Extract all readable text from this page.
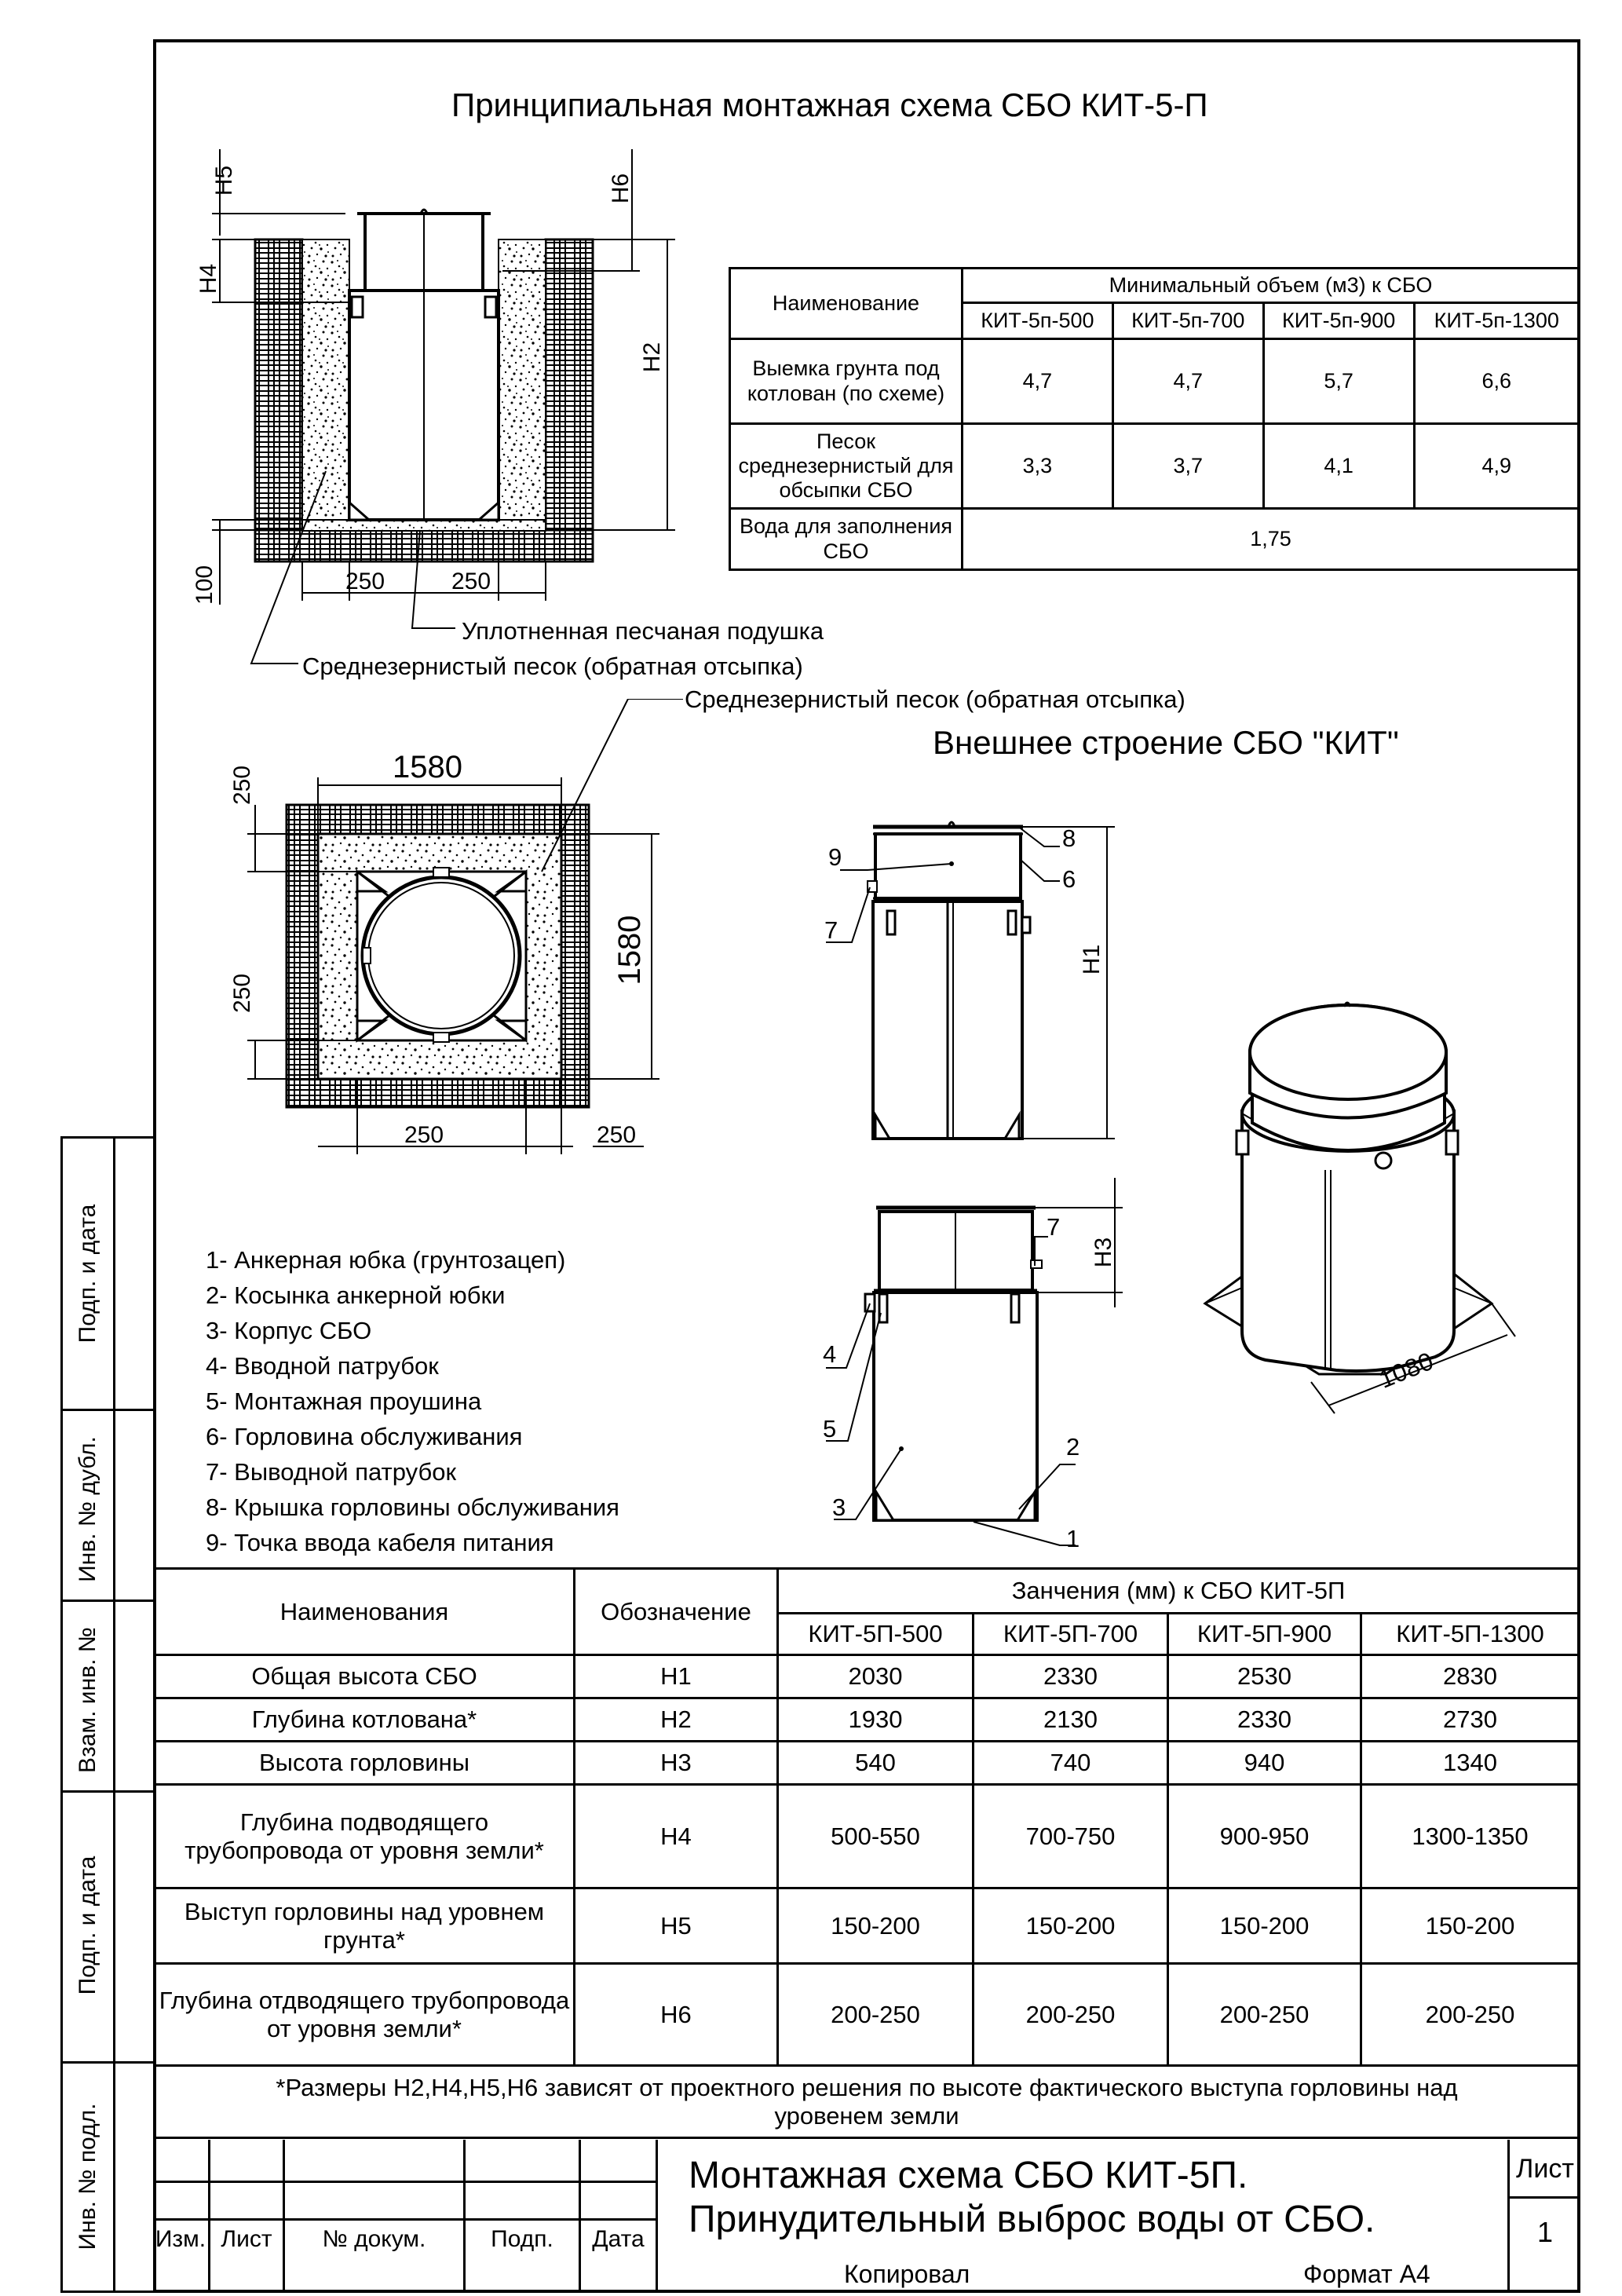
Подп. и дата
Инв. № дубл.
Взам. инв. №
Подп. и дата
Инв. № подл.
Принципиальная монтажная схема СБО КИТ-5-П
H5
H4
100
H6
H2
250	250
Уплотненная песчаная подушка
Среднезернистый песок (обратная отсыпка)
Наименование	Минимальный объем (м3) к СБО			
	КИТ-5п-500	КИТ-5п-700	КИТ-5п-900	КИТ-5п-1300
Выемка грунта под котлован (по схеме)	4,7	4,7	5,7	6,6
Песок среднезернистый для обсыпки СБО	3,3	3,7	4,1	4,9
Вода для заполнения СБО	1,75			
Среднезернистый песок (обратная отсыпка)
Внешнее строение СБО "КИТ"
1580
1580
250
250
250	250
H1
9
8
6
7
H3
7
4
5
3
2
1
1080
1- Анкерная юбка (грунтозацеп)
2- Косынка анкерной юбки
3- Корпус СБО
4- Вводной патрубок
5- Монтажная проушина
6- Горловина обслуживания
7- Выводной патрубок
8- Крышка горловины обслуживания
9- Точка ввода кабеля питания
Наименования	Обозначение	Занчения (мм) к СБО КИТ-5П			
		КИТ-5П-500	КИТ-5П-700	КИТ-5П-900	КИТ-5П-1300
Общая высота СБО	H1	2030	2330	2530	2830
Глубина котлована*	H2	1930	2130	2330	2730
Высота горловины	H3	540	740	940	1340
Глубина подводящего трубопровода от уровня земли*	H4	500-550	700-750	900-950	1300-1350
Выступ горловины над уровнем грунта*	H5	150-200	150-200	150-200	150-200
Глубина отдводящего трубопровода от уровня земли*	H6	200-250	200-250	200-250	200-250
*Размеры H2,H4,H5,H6 зависят от проектного решения по высоте фактического выступа горловины над уровенем земли					
Изм. Лист	№ докум.	Подп.	Дата
Монтажная схема СБО КИТ-5П.
Принудительный выброс воды от СБО.
Лист
1
Копировал	Формат А4
